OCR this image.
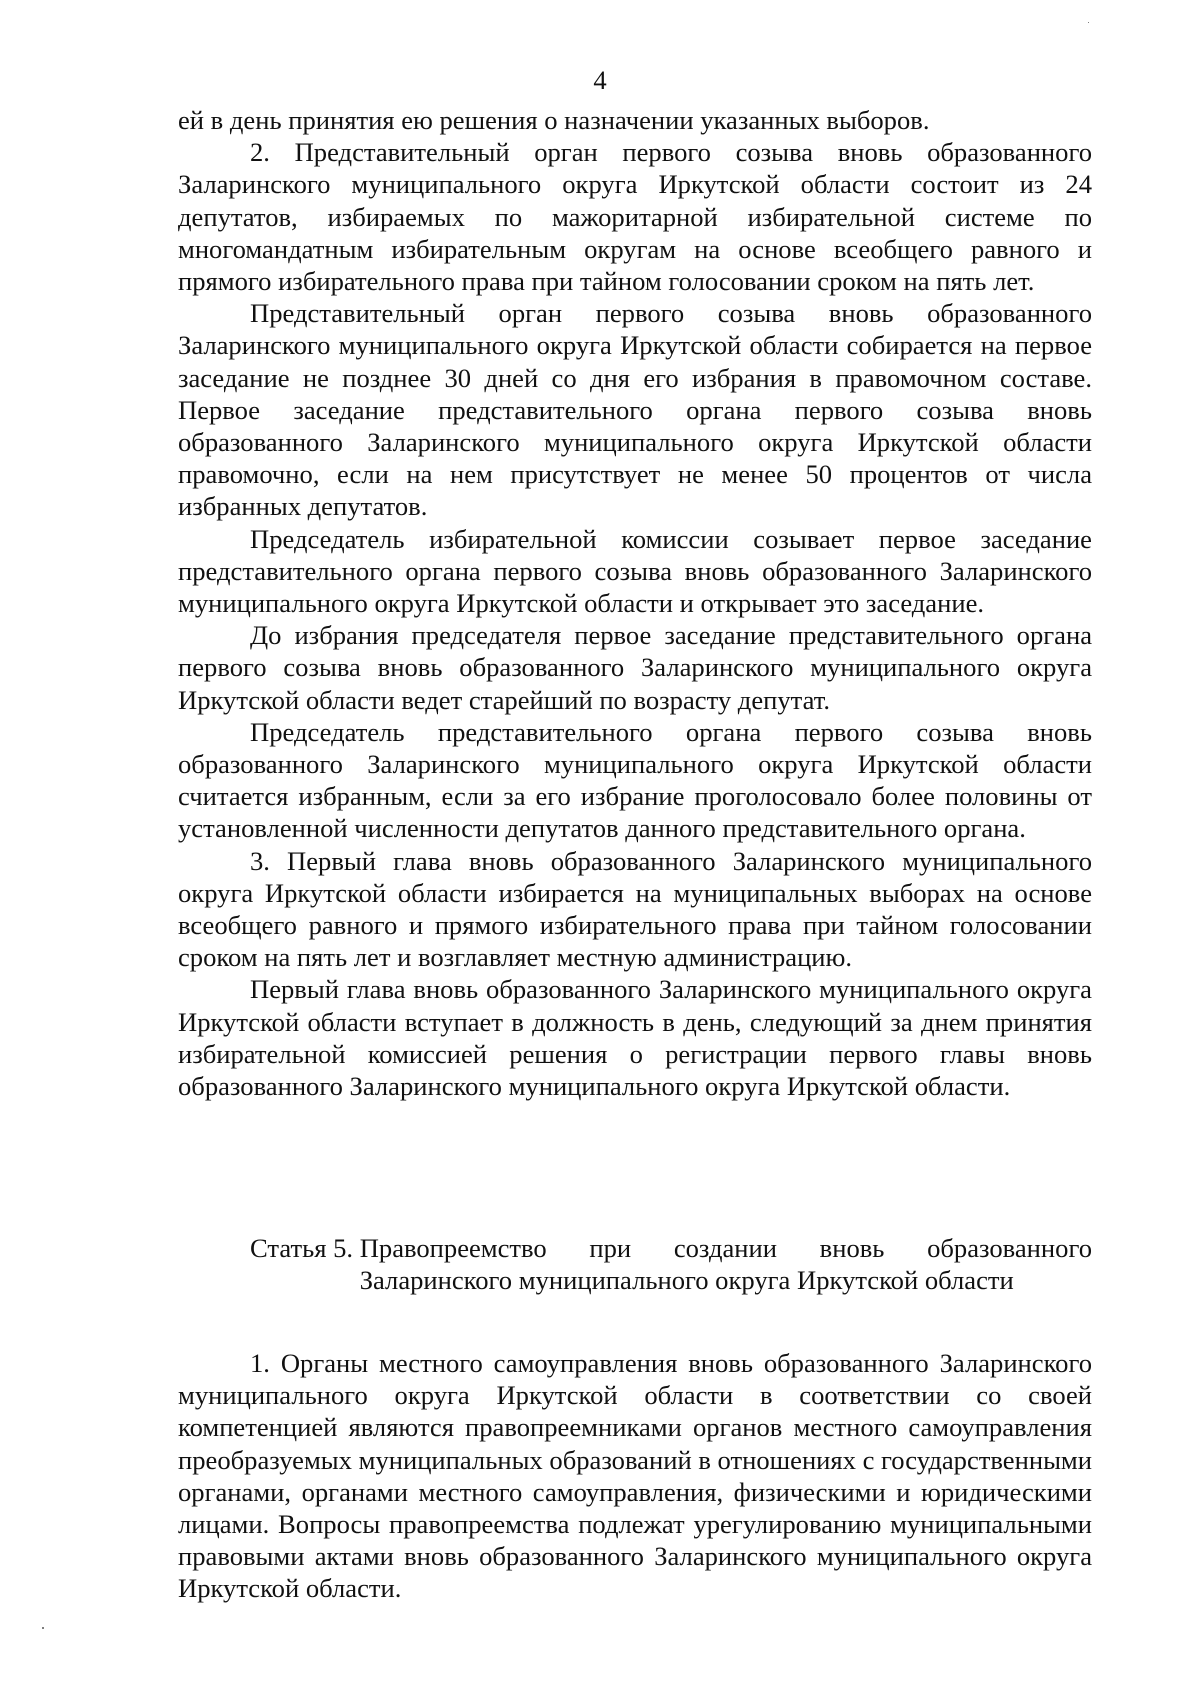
4

ей в день принятия ею решения о назначении указанных выборов.

2. Представительный орган первого созыва вновь образованного Заларинского муниципального округа Иркутской области состоит из 24 депутатов, избираемых по мажоритарной избирательной системе по многомандатным избирательным округам на основе всеобщего равного и прямого избирательного права при тайном голосовании сроком на пять лет.

Представительный орган первого созыва вновь образованного Заларинского муниципального округа Иркутской области собирается на первое заседание не позднее 30 дней со дня его избрания в правомочном составе. Первое заседание представительного органа первого созыва вновь образованного Заларинского муниципального округа Иркутской области правомочно, если на нем присутствует не менее 50 процентов от числа избранных депутатов.

Председатель избирательной комиссии созывает первое заседание представительного органа первого созыва вновь образованного Заларинского муниципального округа Иркутской области и открывает это заседание.

До избрания председателя первое заседание представительного органа первого созыва вновь образованного Заларинского муниципального округа Иркутской области ведет старейший по возрасту депутат.

Председатель представительного органа первого созыва вновь образованного Заларинского муниципального округа Иркутской области считается избранным, если за его избрание проголосовало более половины от установленной численности депутатов данного представительного органа.

3. Первый глава вновь образованного Заларинского муниципального округа Иркутской области избирается на муниципальных выборах на основе всеобщего равного и прямого избирательного права при тайном голосовании сроком на пять лет и возглавляет местную администрацию.

Первый глава вновь образованного Заларинского муниципального округа Иркутской области вступает в должность в день, следующий за днем принятия избирательной комиссией решения о регистрации первого главы вновь образованного Заларинского муниципального округа Иркутской области.

Статья 5. Правопреемство при создании вновь образованного Заларинского муниципального округа Иркутской области

1. Органы местного самоуправления вновь образованного Заларинского муниципального округа Иркутской области в соответствии со своей компетенцией являются правопреемниками органов местного самоуправления преобразуемых муниципальных образований в отношениях с государственными органами, органами местного самоуправления, физическими и юридическими лицами. Вопросы правопреемства подлежат урегулированию муниципальными правовыми актами вновь образованного Заларинского муниципального округа Иркутской области.
